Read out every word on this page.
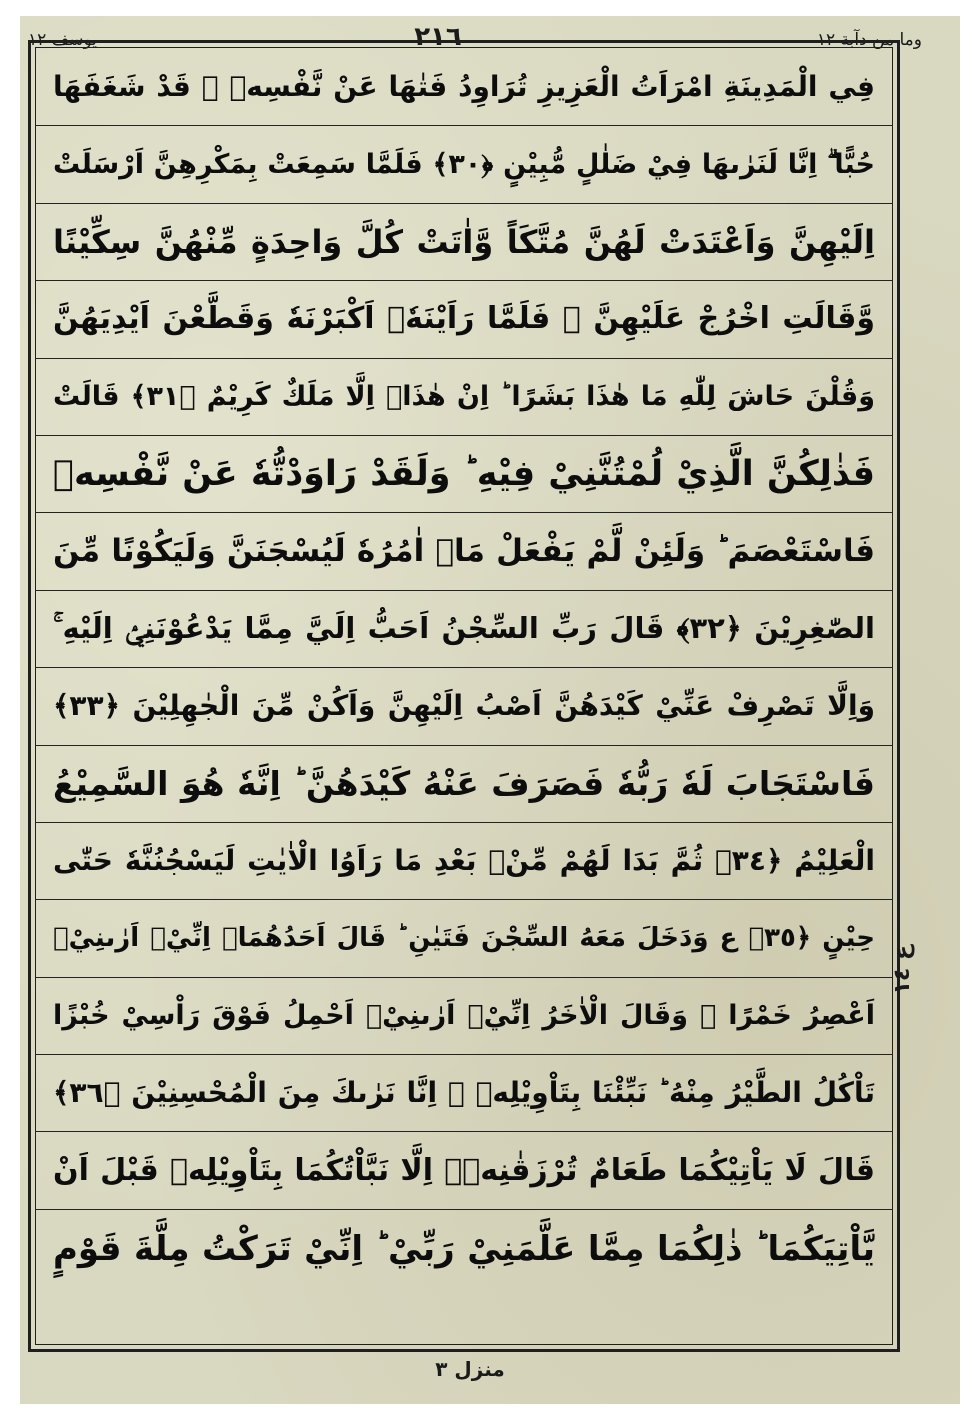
وما من دآبة ١٢
٢١٦
يوسف ١٢
فِي الْمَدِينَةِ امْرَاَتُ الْعَزِيزِ تُرَاوِدُ فَتٰهَا عَنْ نَّفْسِهٖ ۚ قَدْ شَغَفَهَا
حُبًّا ۗ اِنَّا لَنَرٰىهَا فِيْ ضَلٰلٍ مُّبِيْنٍ ﴿٣٠﴾ فَلَمَّا سَمِعَتْ بِمَكْرِهِنَّ اَرْسَلَتْ
اِلَيْهِنَّ وَاَعْتَدَتْ لَهُنَّ مُتَّكَاً وَّاٰتَتْ كُلَّ وَاحِدَةٍ مِّنْهُنَّ سِكِّيْنًا
وَّقَالَتِ اخْرُجْ عَلَيْهِنَّ ۚ فَلَمَّا رَاَيْنَهٗۤ اَكْبَرْنَهٗ وَقَطَّعْنَ اَيْدِيَهُنَّ
وَقُلْنَ حَاشَ لِلّٰهِ مَا هٰذَا بَشَرًا ؕ اِنْ هٰذَاۤ اِلَّا مَلَكٌ كَرِيْمٌ ﴿٣١﴾ قَالَتْ
فَذٰلِكُنَّ الَّذِيْ لُمْتُنَّنِيْ فِيْهِ ؕ وَلَقَدْ رَاوَدْتُّهٗ عَنْ نَّفْسِهٖ
فَاسْتَعْصَمَ ؕ وَلَئِنْ لَّمْ يَفْعَلْ مَاۤ اٰمُرُهٗ لَيُسْجَنَنَّ وَلَيَكُوْنًا مِّنَ
الصّٰغِرِيْنَ ﴿٣٢﴾ قَالَ رَبِّ السِّجْنُ اَحَبُّ اِلَيَّ مِمَّا يَدْعُوْنَنِيْۤ اِلَيْهِ ۚ
وَاِلَّا تَصْرِفْ عَنِّيْ كَيْدَهُنَّ اَصْبُ اِلَيْهِنَّ وَاَكُنْ مِّنَ الْجٰهِلِيْنَ ﴿٣٣﴾
فَاسْتَجَابَ لَهٗ رَبُّهٗ فَصَرَفَ عَنْهُ كَيْدَهُنَّ ؕ اِنَّهٗ هُوَ السَّمِيْعُ
الْعَلِيْمُ ﴿٣٤﴾ ثُمَّ بَدَا لَهُمْ مِّنْۢ بَعْدِ مَا رَاَوُا الْاٰيٰتِ لَيَسْجُنُنَّهٗ حَتّٰى
حِيْنٍ ﴿٣٥﴾ ع وَدَخَلَ مَعَهُ السِّجْنَ فَتَيٰنِ ؕ قَالَ اَحَدُهُمَاۤ اِنِّيْۤ اَرٰىنِيْۤ
اَعْصِرُ خَمْرًا ۚ وَقَالَ الْاٰخَرُ اِنِّيْۤ اَرٰىنِيْۤ اَحْمِلُ فَوْقَ رَاْسِيْ خُبْزًا
تَاْكُلُ الطَّيْرُ مِنْهُ ؕ نَبِّئْنَا بِتَاْوِيْلِهٖ ۚ اِنَّا نَرٰىكَ مِنَ الْمُحْسِنِيْنَ ﴿٣٦﴾
قَالَ لَا يَاْتِيْكُمَا طَعَامٌ تُرْزَقٰنِهٖۤ اِلَّا نَبَّاْتُكُمَا بِتَاْوِيْلِهٖ قَبْلَ اَنْ
يَّاْتِيَكُمَا ؕ ذٰلِكُمَا مِمَّا عَلَّمَنِيْ رَبِّيْ ؕ اِنِّيْ تَرَكْتُ مِلَّةَ قَوْمٍ
ع ١٤
منزل ٣
